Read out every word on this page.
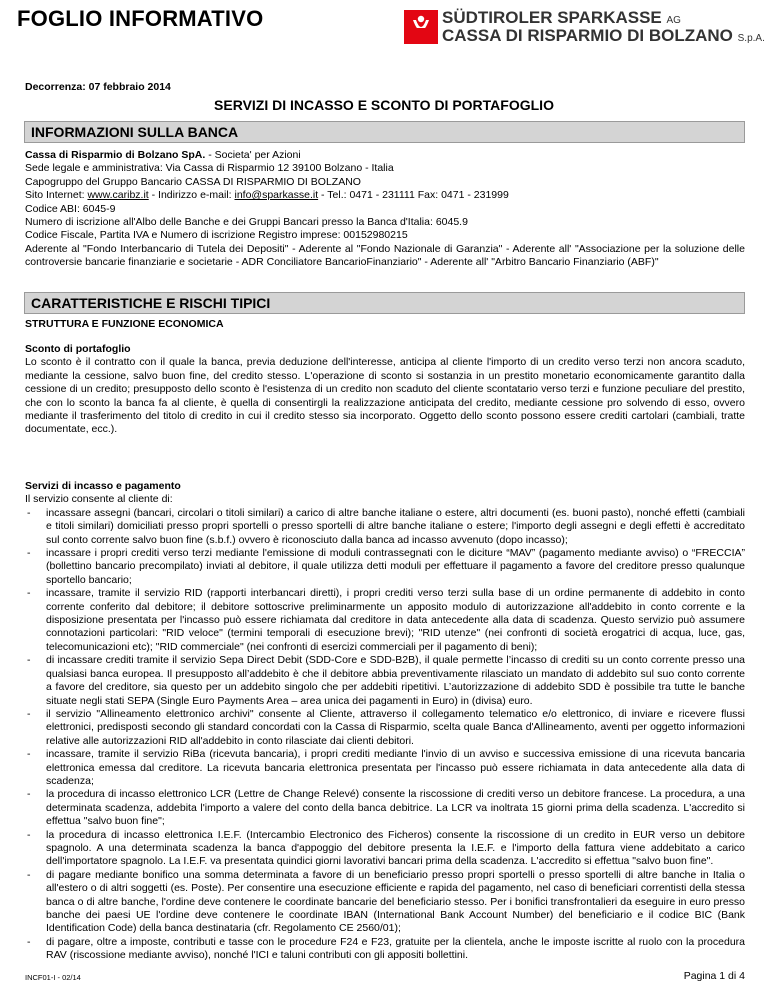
FOGLIO INFORMATIVO	SÜDTIROLER SPARKASSE AG
CASSA DI RISPARMIO DI BOLZANO S.p.A.
Decorrenza: 07 febbraio 2014
SERVIZI DI INCASSO E SCONTO DI PORTAFOGLIO
INFORMAZIONI SULLA BANCA

Cassa di Risparmio di Bolzano SpA. - Societa' per Azioni

Sede legale e amministrativa: Via Cassa di Risparmio 12 39100 Bolzano - Italia

Capogruppo del Gruppo Bancario CASSA DI RISPARMIO DI BOLZANO

Sito Internet: www.caribz.it - Indirizzo e-mail: info@sparkasse.it - Tel.: 0471 - 231111 Fax: 0471 - 231999

Codice ABI: 6045-9

Numero di iscrizione all'Albo delle Banche e dei Gruppi Bancari presso la Banca d'Italia: 6045.9

Codice Fiscale, Partita IVA e Numero di iscrizione Registro imprese: 00152980215

Aderente al "Fondo Interbancario di Tutela dei Depositi" - Aderente al "Fondo Nazionale di Garanzia" - Aderente all' "Associazione per la soluzione delle controversie bancarie finanziarie e societarie - ADR Conciliatore BancarioFinanziario" - Aderente all' "Arbitro Bancario Finanziario (ABF)"

CARATTERISTICHE E RISCHI TIPICI
STRUTTURA E FUNZIONE ECONOMICA

Sconto di portafoglio

Lo sconto è il contratto con il quale la banca, previa deduzione dell'interesse, anticipa al cliente l'importo di un credito verso terzi non ancora scaduto, mediante la cessione, salvo buon fine, del credito stesso. L'operazione di sconto si sostanzia in un prestito monetario economicamente garantito dalla cessione di un credito; presupposto dello sconto è l'esistenza di un credito non scaduto del cliente scontatario verso terzi e funzione peculiare del prestito, che con lo sconto la banca fa al cliente, è quella di consentirgli la realizzazione anticipata del credito, mediante cessione pro solvendo di esso, ovvero mediante il trasferimento del titolo di credito in cui il credito stesso sia incorporato. Oggetto dello sconto possono essere crediti cartolari (cambiali, tratte documentate, ecc.).

Servizi di incasso e pagamento

Il servizio consente al cliente di:

- incassare assegni (bancari, circolari o titoli similari) a carico di altre banche italiane o estere, altri documenti (es. buoni pasto), nonché effetti (cambiali e titoli similari) domiciliati presso propri sportelli o presso sportelli di altre banche italiane o estere; l'importo degli assegni e degli effetti è accreditato sul conto corrente salvo buon fine (s.b.f.) ovvero è riconosciuto dalla banca ad incasso avvenuto (dopo incasso);
- incassare i propri crediti verso terzi mediante l'emissione di moduli contrassegnati con le diciture “MAV” (pagamento mediante avviso) o “FRECCIA” (bollettino bancario precompilato) inviati al debitore, il quale utilizza detti moduli per effettuare il pagamento a favore del creditore presso qualunque sportello bancario;
- incassare, tramite il servizio RID (rapporti interbancari diretti), i propri crediti verso terzi sulla base di un ordine permanente di addebito in conto corrente conferito dal debitore; il debitore sottoscrive preliminarmente un apposito modulo di autorizzazione all'addebito in conto corrente e la disposizione presentata per l'incasso può essere richiamata dal creditore in data antecedente alla data di scadenza. Questo servizio può assumere connotazioni particolari: "RID veloce" (termini temporali di esecuzione brevi); "RID utenze" (nei confronti di società erogatrici di acqua, luce, gas, telecomunicazioni etc); "RID commerciale" (nei confronti di esercizi commerciali per il pagamento di beni);
- di incassare crediti tramite il servizio Sepa Direct Debit (SDD-Core e SDD-B2B), il quale permette l’incasso di crediti su un conto corrente presso una qualsiasi banca europea. Il presupposto all’addebito è che il debitore abbia preventivamente rilasciato un mandato di addebito sul suo conto corrente a favore del creditore, sia questo per un addebito singolo che per addebiti ripetitivi. L’autorizzazione di addebito SDD è possibile tra tutte le banche situate negli stati SEPA (Single Euro Payments Area – area unica dei pagamenti in Euro) in (divisa) euro.
- il servizio "Allineamento elettronico archivi" consente al Cliente, attraverso il collegamento telematico e/o elettronico, di inviare e ricevere flussi elettronici, predisposti secondo gli standard concordati con la Cassa di Risparmio, scelta quale Banca d'Allineamento, aventi per oggetto informazioni relative alle autorizzazioni RID all'addebito in conto rilasciate dai clienti debitori.
- incassare, tramite il servizio RiBa (ricevuta bancaria), i propri crediti mediante l'invio di un avviso e successiva emissione di una ricevuta bancaria elettronica emessa dal creditore. La ricevuta bancaria elettronica presentata per l'incasso può essere richiamata in data antecedente alla data di scadenza;
- la procedura di incasso elettronico LCR (Lettre de Change Relevé) consente la riscossione di crediti verso un debitore francese. La procedura, a una determinata scadenza, addebita l'importo a valere del conto della banca debitrice. La LCR va inoltrata 15 giorni prima della scadenza. L'accredito si effettua "salvo buon fine";
- la procedura di incasso elettronica I.E.F. (Intercambio Electronico des Ficheros) consente la riscossione di un credito in EUR verso un debitore spagnolo. A una determinata scadenza la banca d'appoggio del debitore presenta la I.E.F. e l'importo della fattura viene addebitato a carico dell'importatore spagnolo. La I.E.F. va presentata quindici giorni lavorativi bancari prima della scadenza. L'accredito si effettua "salvo buon fine".
- di pagare mediante bonifico una somma determinata a favore di un beneficiario presso propri sportelli o presso sportelli di altre banche in Italia o all'estero o di altri soggetti (es. Poste). Per consentire una esecuzione efficiente e rapida del pagamento, nel caso di beneficiari correntisti della stessa banca o di altre banche, l'ordine deve contenere le coordinate bancarie del beneficiario stesso. Per i bonifici transfrontalieri da eseguire in euro presso banche dei paesi UE l'ordine deve contenere le coordinate IBAN (International Bank Account Number) del beneficiario e il codice BIC (Bank Identification Code) della banca destinataria (cfr. Regolamento CE 2560/01);
- di pagare, oltre a imposte, contributi e tasse con le procedure F24 e F23, gratuite per la clientela, anche le imposte iscritte al ruolo con la procedura RAV (riscossione mediante avviso), nonché l'ICI e taluni contributi con gli appositi bollettini.
INCF01-I - 02/14	Pagina 1 di 4
